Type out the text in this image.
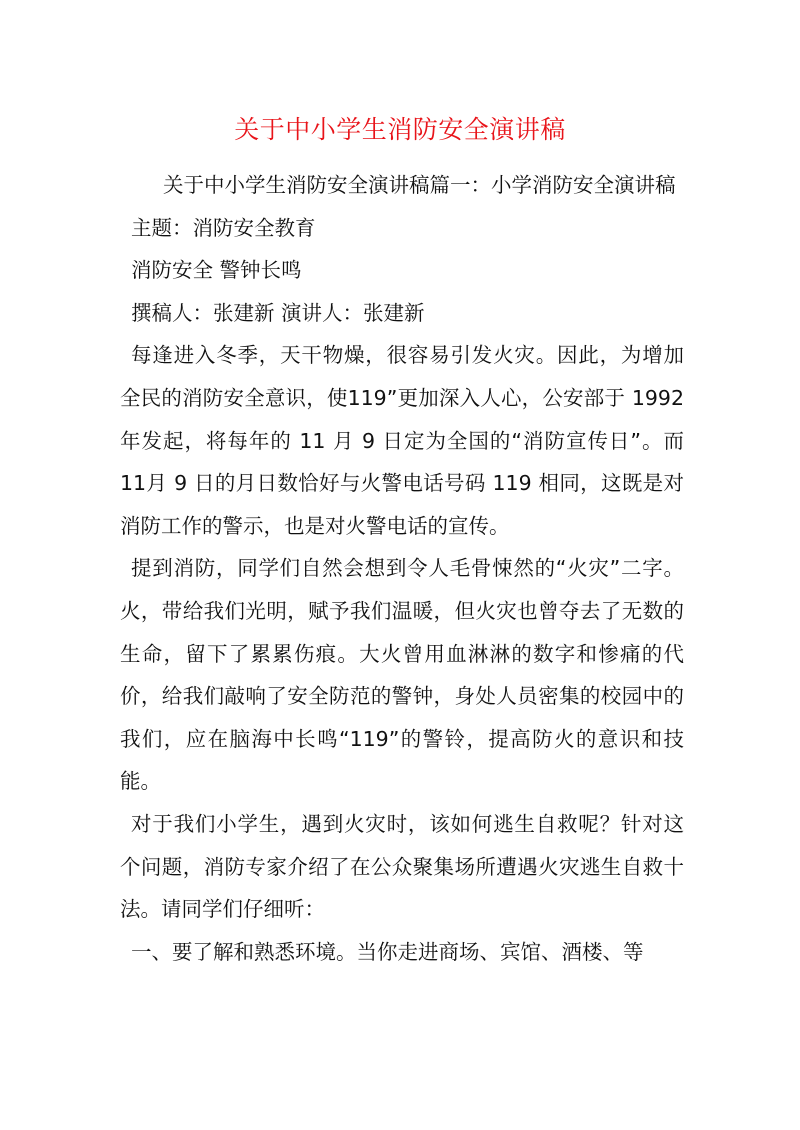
关于中小学生消防安全演讲稿

关于中小学生消防安全演讲稿篇一：小学消防安全演讲稿

主题：消防安全教育

消防安全 警钟长鸣

撰稿人：张建新 演讲人：张建新

每逢进入冬季，天干物燥，很容易引发火灾。因此，为增加全民的消防安全意识，使119”更加深入人心，公安部于 1992年发起，将每年的 11 月 9 日定为全国的“消防宣传日”。而 11月 9 日的月日数恰好与火警电话号码 119 相同，这既是对消防工作的警示，也是对火警电话的宣传。

提到消防，同学们自然会想到令人毛骨悚然的“火灾”二字。火，带给我们光明，赋予我们温暖，但火灾也曾夺去了无数的生命，留下了累累伤痕。大火曾用血淋淋的数字和惨痛的代价，给我们敲响了安全防范的警钟，身处人员密集的校园中的我们，应在脑海中长鸣“119”的警铃，提高防火的意识和技能。

对于我们小学生，遇到火灾时，该如何逃生自救呢？针对这个问题，消防专家介绍了在公众聚集场所遭遇火灾逃生自救十法。请同学们仔细听：

一、要了解和熟悉环境。当你走进商场、宾馆、酒楼、等
